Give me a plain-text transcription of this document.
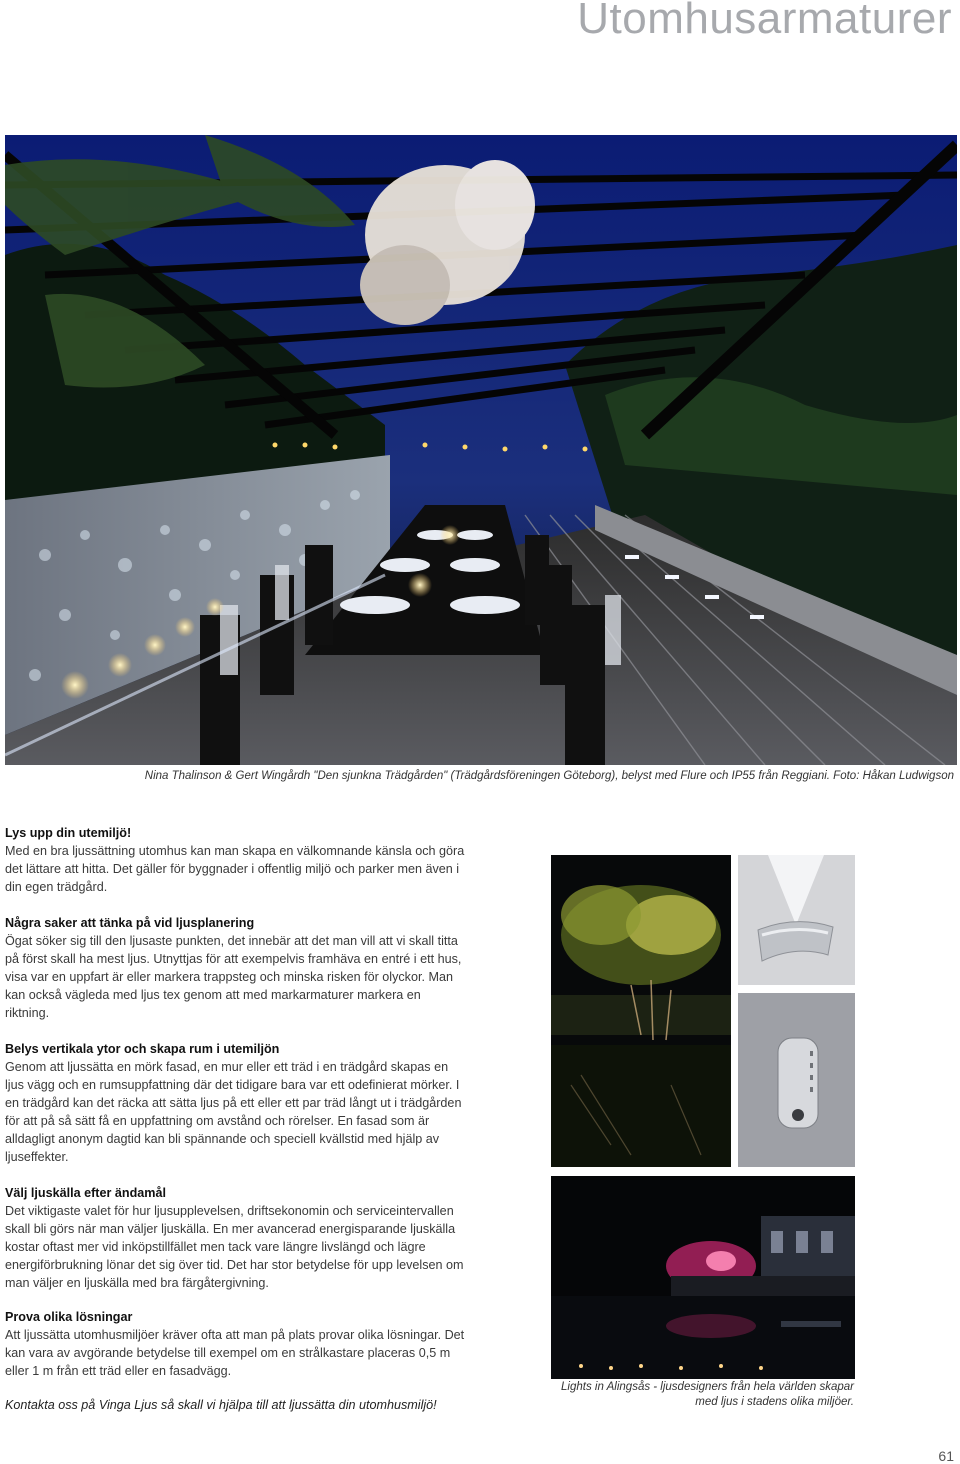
Utomhusarmaturer
Nina Thalinson & Gert Wingårdh "Den sjunkna Trädgården" (Trädgårdsföreningen Göteborg), belyst med Flure och IP55 från Reggiani. Foto: Håkan Ludwigson
Lys upp din utemiljö!

Med en bra ljussättning utomhus kan man skapa en välkomnande känsla och göra det lättare att hitta. Det gäller för byggnader i offentlig miljö och parker men även i din egen trädgård.

Några saker att tänka på vid ljusplanering

Ögat söker sig till den ljusaste punkten, det innebär att det man vill att vi skall titta på först skall ha mest ljus. Utnyttjas för att exempelvis framhäva en entré i ett hus, visa var en uppfart är eller markera trappsteg och minska risken för olyckor. Man kan också vägleda med ljus tex genom att med markarmaturer markera en riktning.

Belys vertikala ytor och skapa rum i utemiljön

Genom att ljussätta en mörk fasad, en mur eller ett träd i en trädgård skapas en ljus vägg och en rumsuppfattning där det tidigare bara var ett odefinierat mörker. I en trädgård kan det räcka att sätta ljus på ett eller ett par träd långt ut i trädgården för att på så sätt få en uppfattning om avstånd och rörelser. En fasad som är alldagligt anonym dagtid kan bli spännande och speciell kvällstid med hjälp av ljuseffekter.

Välj ljuskälla efter ändamål

Det viktigaste valet för hur ljusupplevelsen, driftsekonomin och serviceintervallen skall bli görs när man väljer ljuskälla. En mer avancerad energisparande ljuskälla kostar oftast mer vid inköpstillfället men tack vare längre livslängd och lägre energiförbrukning lönar det sig över tid. Det har stor betydelse för upp levelsen om man väljer en ljuskälla med bra färgåtergivning.

Prova olika lösningar

Att ljussätta utomhusmiljöer kräver ofta att man på plats provar olika lösningar. Det kan vara av avgörande betydelse till exempel om en strålkastare placeras 0,5 m eller 1 m från ett träd eller en fasadvägg.

Kontakta oss på Vinga Ljus så skall vi hjälpa till att ljussätta din utomhusmiljö!
Lights in Alingsås - ljusdesigners från hela världen skapar
med ljus i stadens olika miljöer.
61
